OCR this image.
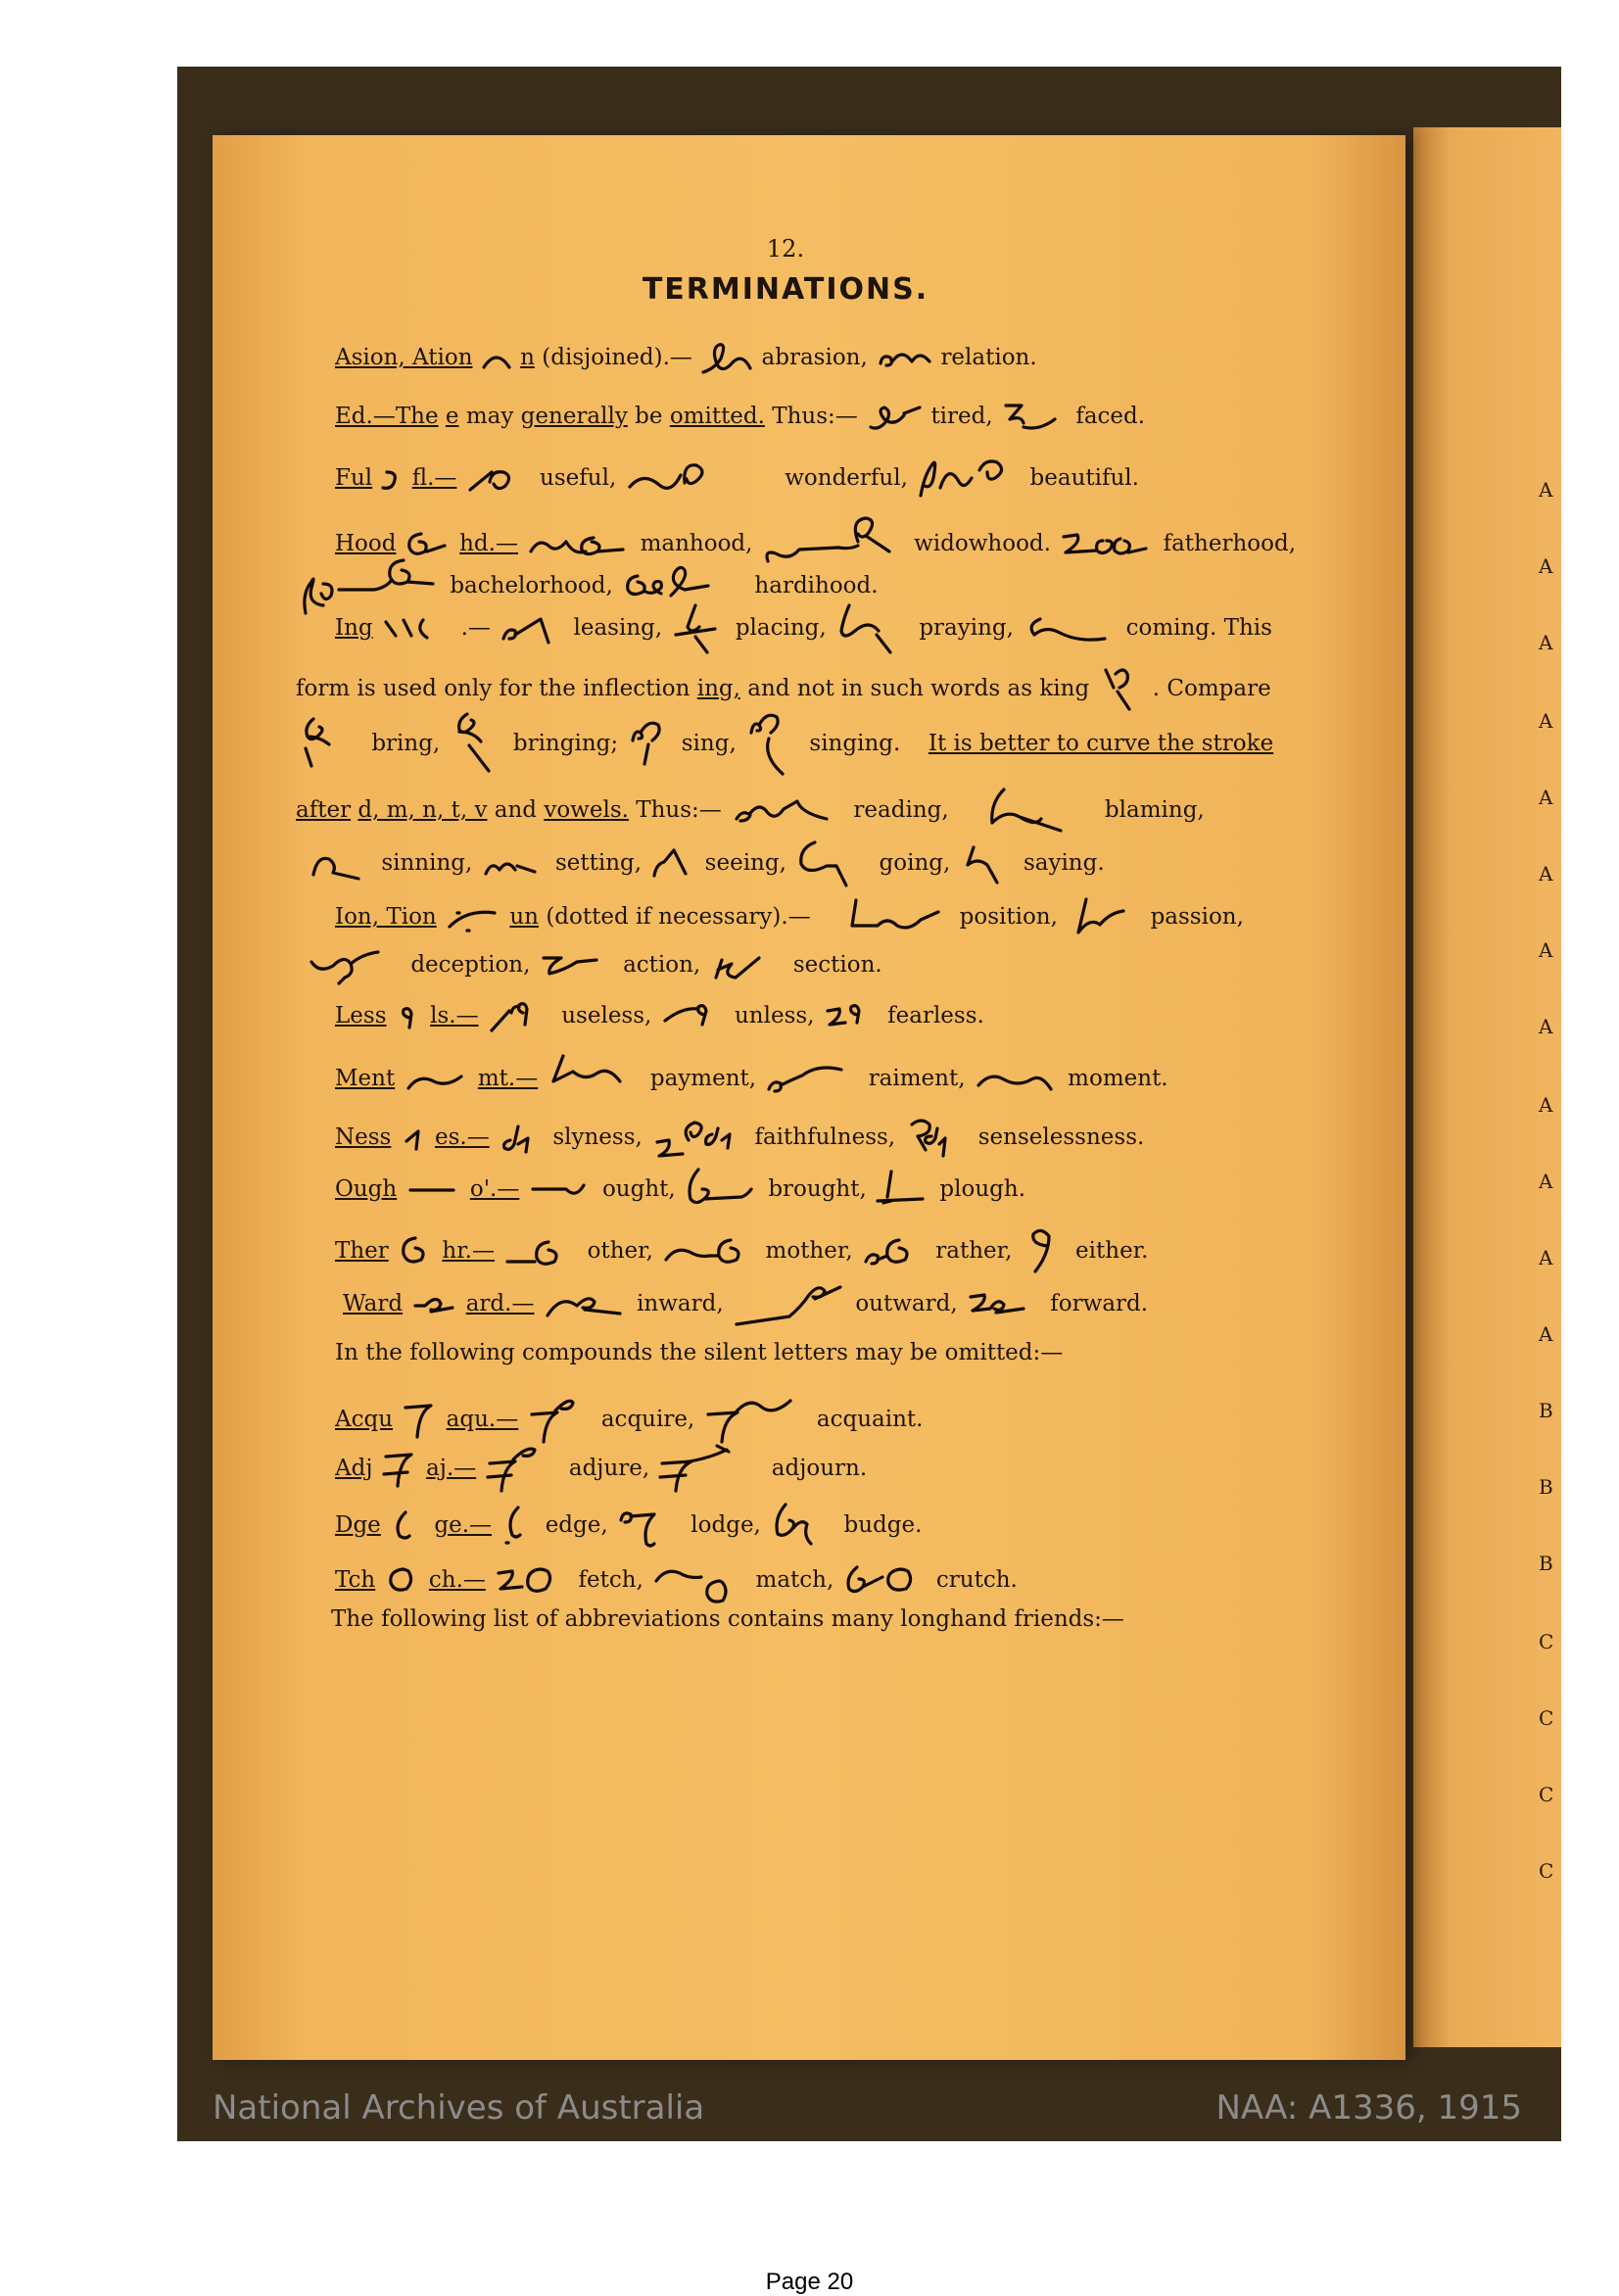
A
A
A
A
A
A
A
A
A
A
A
A
B
B
B
C
C
C
C
12.
TERMINATIONS.
Asion, Ation n (disjoined).—	abrasion,	relation.
Ed.—The e may generally be omitted. Thus:—	tired,	faced.
Ful fl.—	useful,	wonderful,	beautiful.
Hood	hd.—	manhood,	widowhood.	fatherhood,
bachelorhood,	hardihood.
Ing	.—	leasing,	placing,	praying,	coming. This
form is used only for the inflection ing, and not in such words as king	. Compare
bring,	bringing;	sing,	singing. It is better to curve the stroke
after d, m, n, t, v and vowels. Thus:—	reading,	blaming,
sinning,	setting,	seeing,	going,	saying.
Ion, Tion	un (dotted if necessary).—	position,	passion,
deception,	action,	section.
Less ls.—	useless,	unless,	fearless.
Ment	mt.—	payment,	raiment,	moment.
Ness es.—	slyness,	faithfulness,	senselessness.
Ough	o'.—	ought,	brought,	plough.
Ther hr.—	other,	mother,	rather,	either.
Ward	ard.—	inward,	outward,	forward.
In the following compounds the silent letters may be omitted:—
Acqu aqu.—	acquire,	acquaint.
Adj aj.—	adjure,	adjourn.
Dge ge.— edge,	lodge,	budge.
Tch ch.—	fetch,	match,	crutch.
The following list of abbreviations contains many longhand friends:—
National Archives of Australia	NAA: A1336, 1915
Page 20
